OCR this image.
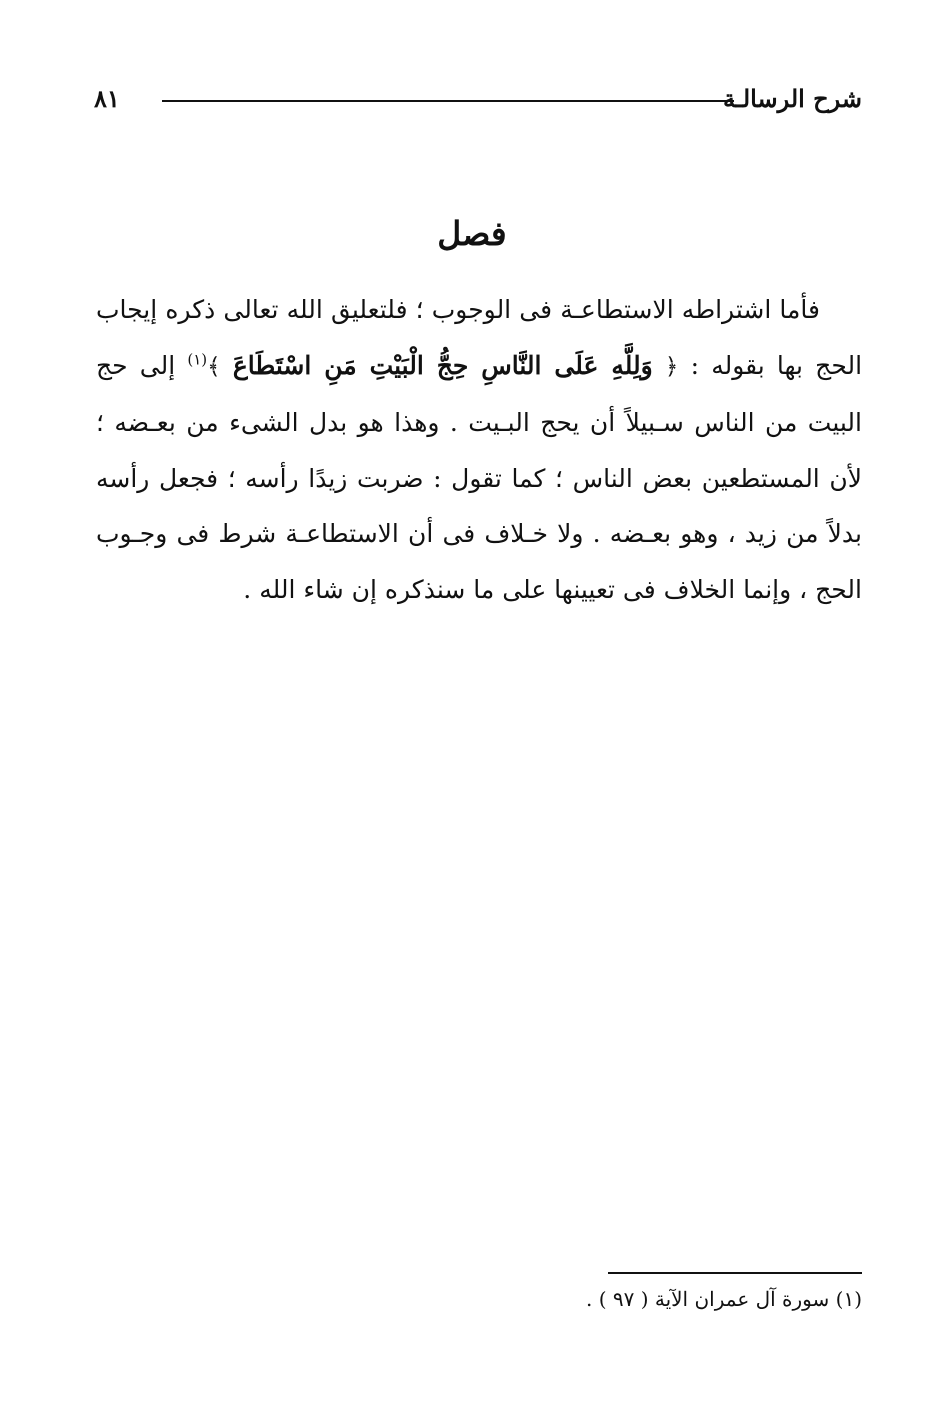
شرح الرسالـة
٨١
فصل
فأما اشتراطه الاستطاعـة فى الوجوب ؛ فلتعليق الله تعالى ذكره إيجاب الحج بها بقوله : ﴿ وَلِلَّهِ عَلَى النَّاسِ حِجُّ الْبَيْتِ مَنِ اسْتَطَاعَ ﴾$^{(١)}$ إلى حج البيت من الناس سـبيلاً أن يحج البـيت . وهذا هو بدل الشىء من بعـضه ؛ لأن المستطعين بعض الناس ؛ كما تقول : ضربت زيدًا رأسه ؛ فجعل رأسه بدلاً من زيد ، وهو بعـضه . ولا خـلاف فى أن الاستطاعـة شرط فى وجـوب الحج ، وإنما الخلاف فى تعيينها على ما سنذكره إن شاء الله .
(١) سورة آل عمران الآية ( ٩٧ ) .
